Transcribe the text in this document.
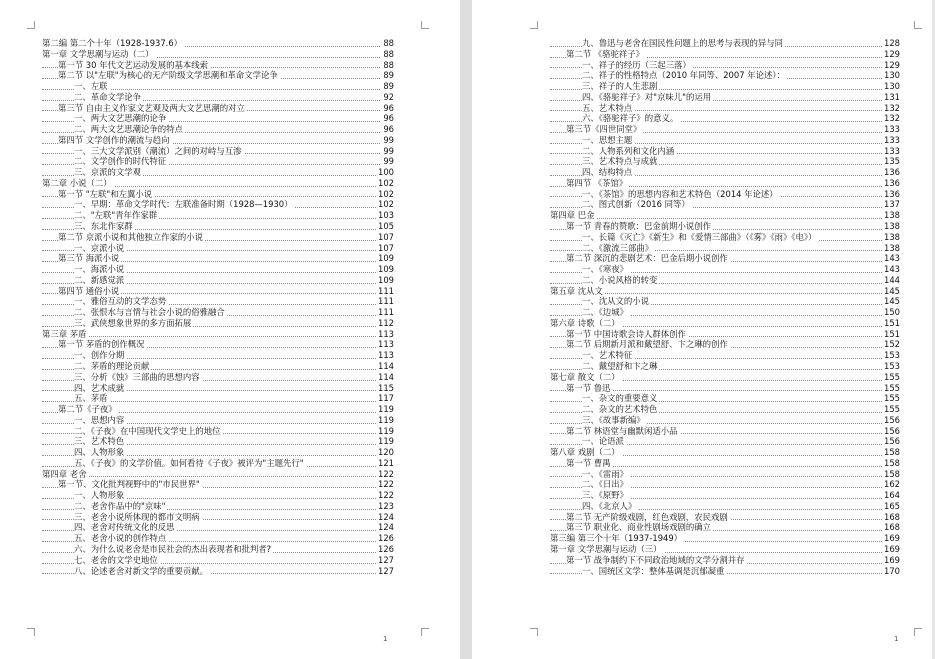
第二编 第二个十年（1928-1937.6）	88
第一章 文学思潮与运动（二）	88
第一节 30 年代文艺运动发展的基本线索	88
第二节 以"左联"为核心的无产阶级文学思潮和革命文学论争	89
一、左联	89
二、革命文学论争	92
第三节 自由主义作家文艺观及两大文艺思潮的对立	96
一、两大文艺思潮的论争	96
二、两大文艺思潮论争的特点	96
第四节 文学创作的潮流与趋向	99
一、三大文学派别（潮流）之间的对峙与互渗	99
二、文学创作的时代特征	99
三、京派的文学观	100
第二章 小说（二）	102
第一节 "左联"和左翼小说	102
一、早期：革命文学时代：左联准备时期（1928—1930）	102
二、"左联"青年作家群	103
三、东北作家群	105
第二节 京派小说和其他独立作家的小说	107
一、京派小说	107
第三节 海派小说	109
一、海派小说	109
二、新感觉派	109
第四节 通俗小说	111
一、雅俗互动的文学态势	111
二、张恨水与言情与社会小说的俗雅融合	111
三、武侠想象世界的多方面拓展	112
第三章 茅盾	113
第一节 茅盾的创作概况	113
一、创作分期	113
二、茅盾的理论贡献	114
三、分析《蚀》三部曲的思想内容	114
四、艺术成就	115
五、茅盾	117
第二节《子夜》	119
一、思想内容	119
二、《子夜》在中国现代文学史上的地位	119
三、艺术特色	119
四、人物形象	120
五、《子夜》的文学价值。如何看待《子夜》被评为"主题先行"	121
第四章 老舍	122
第一节、文化批判视野中的"市民世界"	122
一、人物形象	122
二、老舍作品中的"京味"	123
三、老舍小说所体现的都市文明病	124
四、老舍对传统文化的反思	124
五、老舍小说的创作特点	126
六、为什么说老舍是市民社会的杰出表现者和批判者?	126
七、老舍的文学史地位	127
八、论述老舍对新文学的重要贡献。	127
1
九、鲁迅与老舍在国民性问题上的思考与表现的异与同	128
第二节 《骆驼祥子》	129
一、祥子的经历（三起三落）	129
二、祥子的性格特点（2010 年同等、2007 年论述）：	130
三、祥子的人生悲剧	130
四、《骆驼祥子》对"京味儿"的运用	131
五、艺术特点	132
六、《骆驼祥子》的意义。	132
第三节《四世同堂》	133
一、思想主题	133
二、人物系列和文化内涵	133
三、艺术特点与成就	135
四、结构特点	136
第四节 《茶馆》	136
一、《茶馆》的思想内容和艺术特色（2014 年论述）	136
二、图式创新（2016 同等）	137
第四章 巴金	138
第一节 青春的赞歌：巴金前期小说创作	138
一、长篇《灭亡》《新生》和《爱情三部曲》（《雾》《雨》《电》）	138
二、《激流三部曲》	138
第二节 深沉的悲剧艺术：巴金后期小说创作	143
一、《寒夜》	143
二、小说风格的转变	144
第五章 沈从文	145
一、沈从文的小说	145
二、《边城》	150
第六章 诗歌（二）	151
第一节 中国诗歌会诗人群体创作	151
第二节 后期新月派和戴望舒、卞之琳的创作	152
一、艺术特征	153
二、戴望舒和卞之琳	153
第七章 散文（二）	155
第一节 鲁迅	155
一、杂文的重要意义	155
二、杂文的艺术特色	155
三、《故事新编》	156
第二节 林语堂与幽默闲适小品	156
一、论语派	156
第八章 戏剧（二）	158
第一节 曹禺	158
一、《雷雨》	158
二、《日出》	162
三、《原野》	164
四、《北京人》	165
第二节 无产阶级戏剧，红色戏剧，农民戏剧	168
第三节 职业化、商业性剧场戏剧的确立	168
第三编 第三个十年（1937-1949）	169
第一章 文学思潮与运动（三）	169
第一节 战争制约下不同政治地域的文学分割并存	169
一、国统区文学：整体基调是沉郁凝重	170
1
